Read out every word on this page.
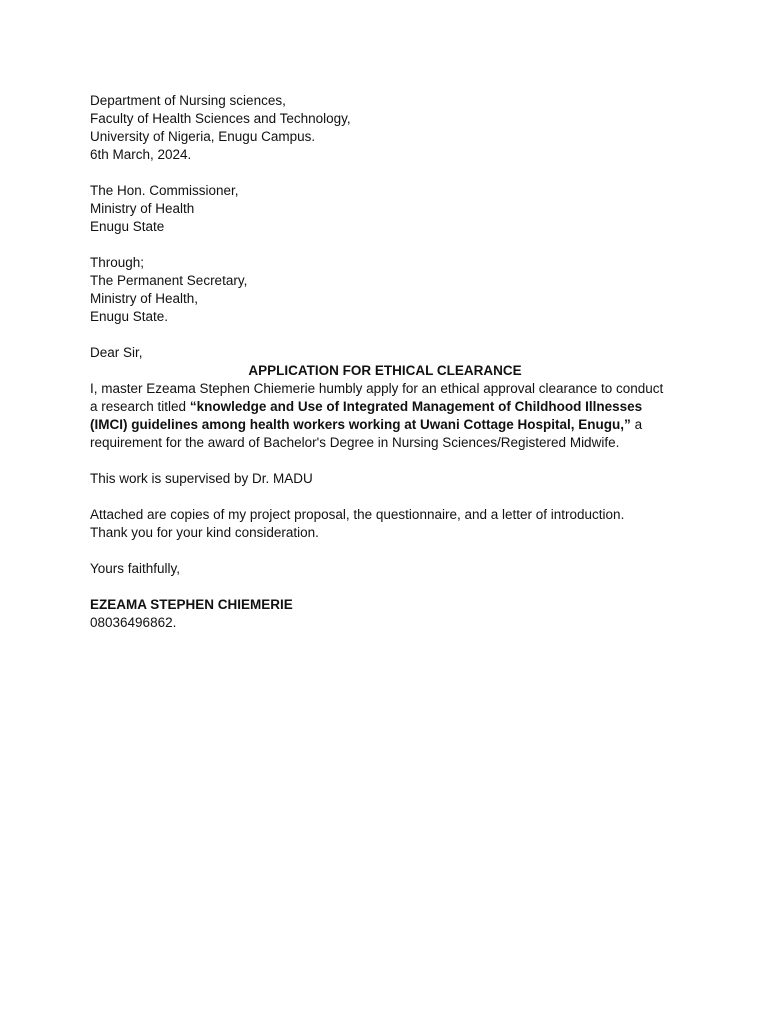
Department of Nursing sciences,
Faculty of Health Sciences and Technology,
University of Nigeria, Enugu Campus.
6th March, 2024.
The Hon. Commissioner,
Ministry of Health
Enugu State
Through;
The Permanent Secretary,
Ministry of Health,
Enugu State.
Dear Sir,
APPLICATION FOR ETHICAL CLEARANCE
I, master Ezeama Stephen Chiemerie humbly apply for an ethical approval clearance to conduct a research titled “knowledge and Use of Integrated Management of Childhood Illnesses (IMCI) guidelines among health workers working at Uwani Cottage Hospital, Enugu,” a requirement for the award of Bachelor's Degree in Nursing Sciences/Registered Midwife.
This work is supervised by Dr. MADU
Attached are copies of my project proposal, the questionnaire, and a letter of introduction.
Thank you for your kind consideration.
Yours faithfully,
EZEAMA STEPHEN CHIEMERIE
08036496862.
